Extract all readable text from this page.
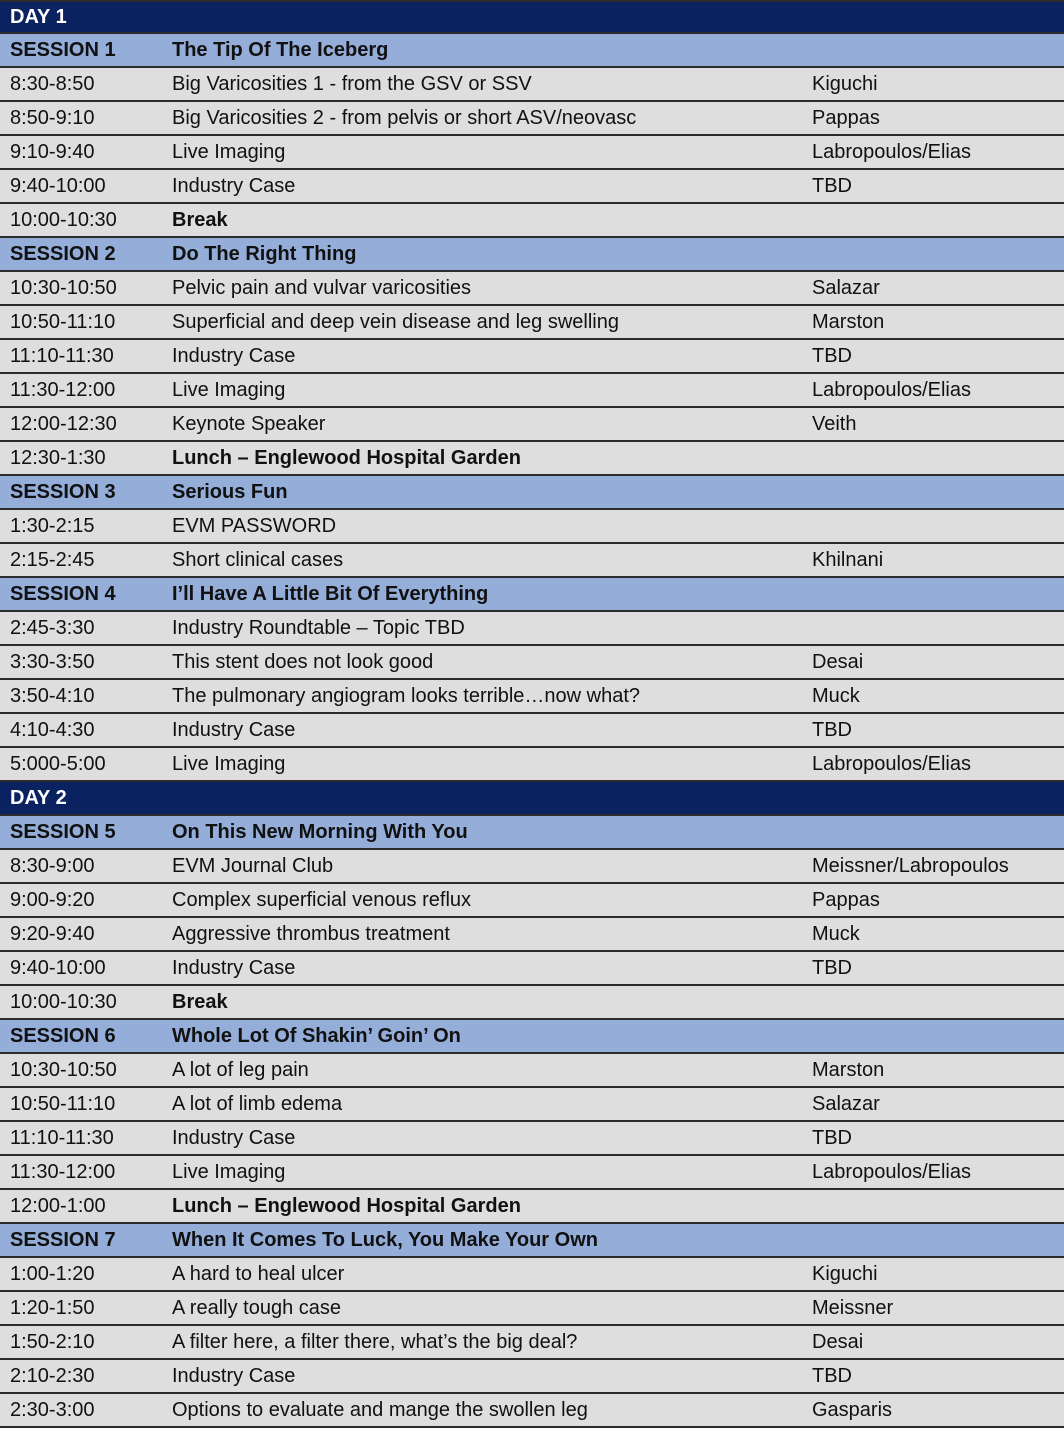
DAY 1
SESSION 1	The Tip Of The Iceberg
8:30-8:50	Big Varicosities 1 - from the GSV or SSV	Kiguchi
8:50-9:10	Big Varicosities 2 - from pelvis or short ASV/neovasc	Pappas
9:10-9:40	Live Imaging	Labropoulos/Elias
9:40-10:00	Industry Case	TBD
10:00-10:30	Break
SESSION 2	Do The Right Thing
10:30-10:50	Pelvic pain and vulvar varicosities	Salazar
10:50-11:10	Superficial and deep vein disease and leg swelling	Marston
11:10-11:30	Industry Case	TBD
11:30-12:00	Live Imaging	Labropoulos/Elias
12:00-12:30	Keynote Speaker	Veith
12:30-1:30	Lunch – Englewood Hospital Garden
SESSION 3	Serious Fun
1:30-2:15	EVM PASSWORD
2:15-2:45	Short clinical cases	Khilnani
SESSION 4	I’ll Have A Little Bit Of Everything
2:45-3:30	Industry Roundtable – Topic TBD
3:30-3:50	This stent does not look good	Desai
3:50-4:10	The pulmonary angiogram looks terrible…now what?	Muck
4:10-4:30	Industry Case	TBD
5:000-5:00	Live Imaging	Labropoulos/Elias
DAY 2
SESSION 5	On This New Morning With You
8:30-9:00	EVM Journal Club	Meissner/Labropoulos
9:00-9:20	Complex superficial venous reflux	Pappas
9:20-9:40	Aggressive thrombus treatment	Muck
9:40-10:00	Industry Case	TBD
10:00-10:30	Break
SESSION 6	Whole Lot Of Shakin’ Goin’ On
10:30-10:50	A lot of leg pain	Marston
10:50-11:10	A lot of limb edema	Salazar
11:10-11:30	Industry Case	TBD
11:30-12:00	Live Imaging	Labropoulos/Elias
12:00-1:00	Lunch – Englewood Hospital Garden
SESSION 7	When It Comes To Luck, You Make Your Own
1:00-1:20	A hard to heal ulcer	Kiguchi
1:20-1:50	A really tough case	Meissner
1:50-2:10	A filter here, a filter there, what’s the big deal?	Desai
2:10-2:30	Industry Case	TBD
2:30-3:00	Options to evaluate and mange the swollen leg	Gasparis
